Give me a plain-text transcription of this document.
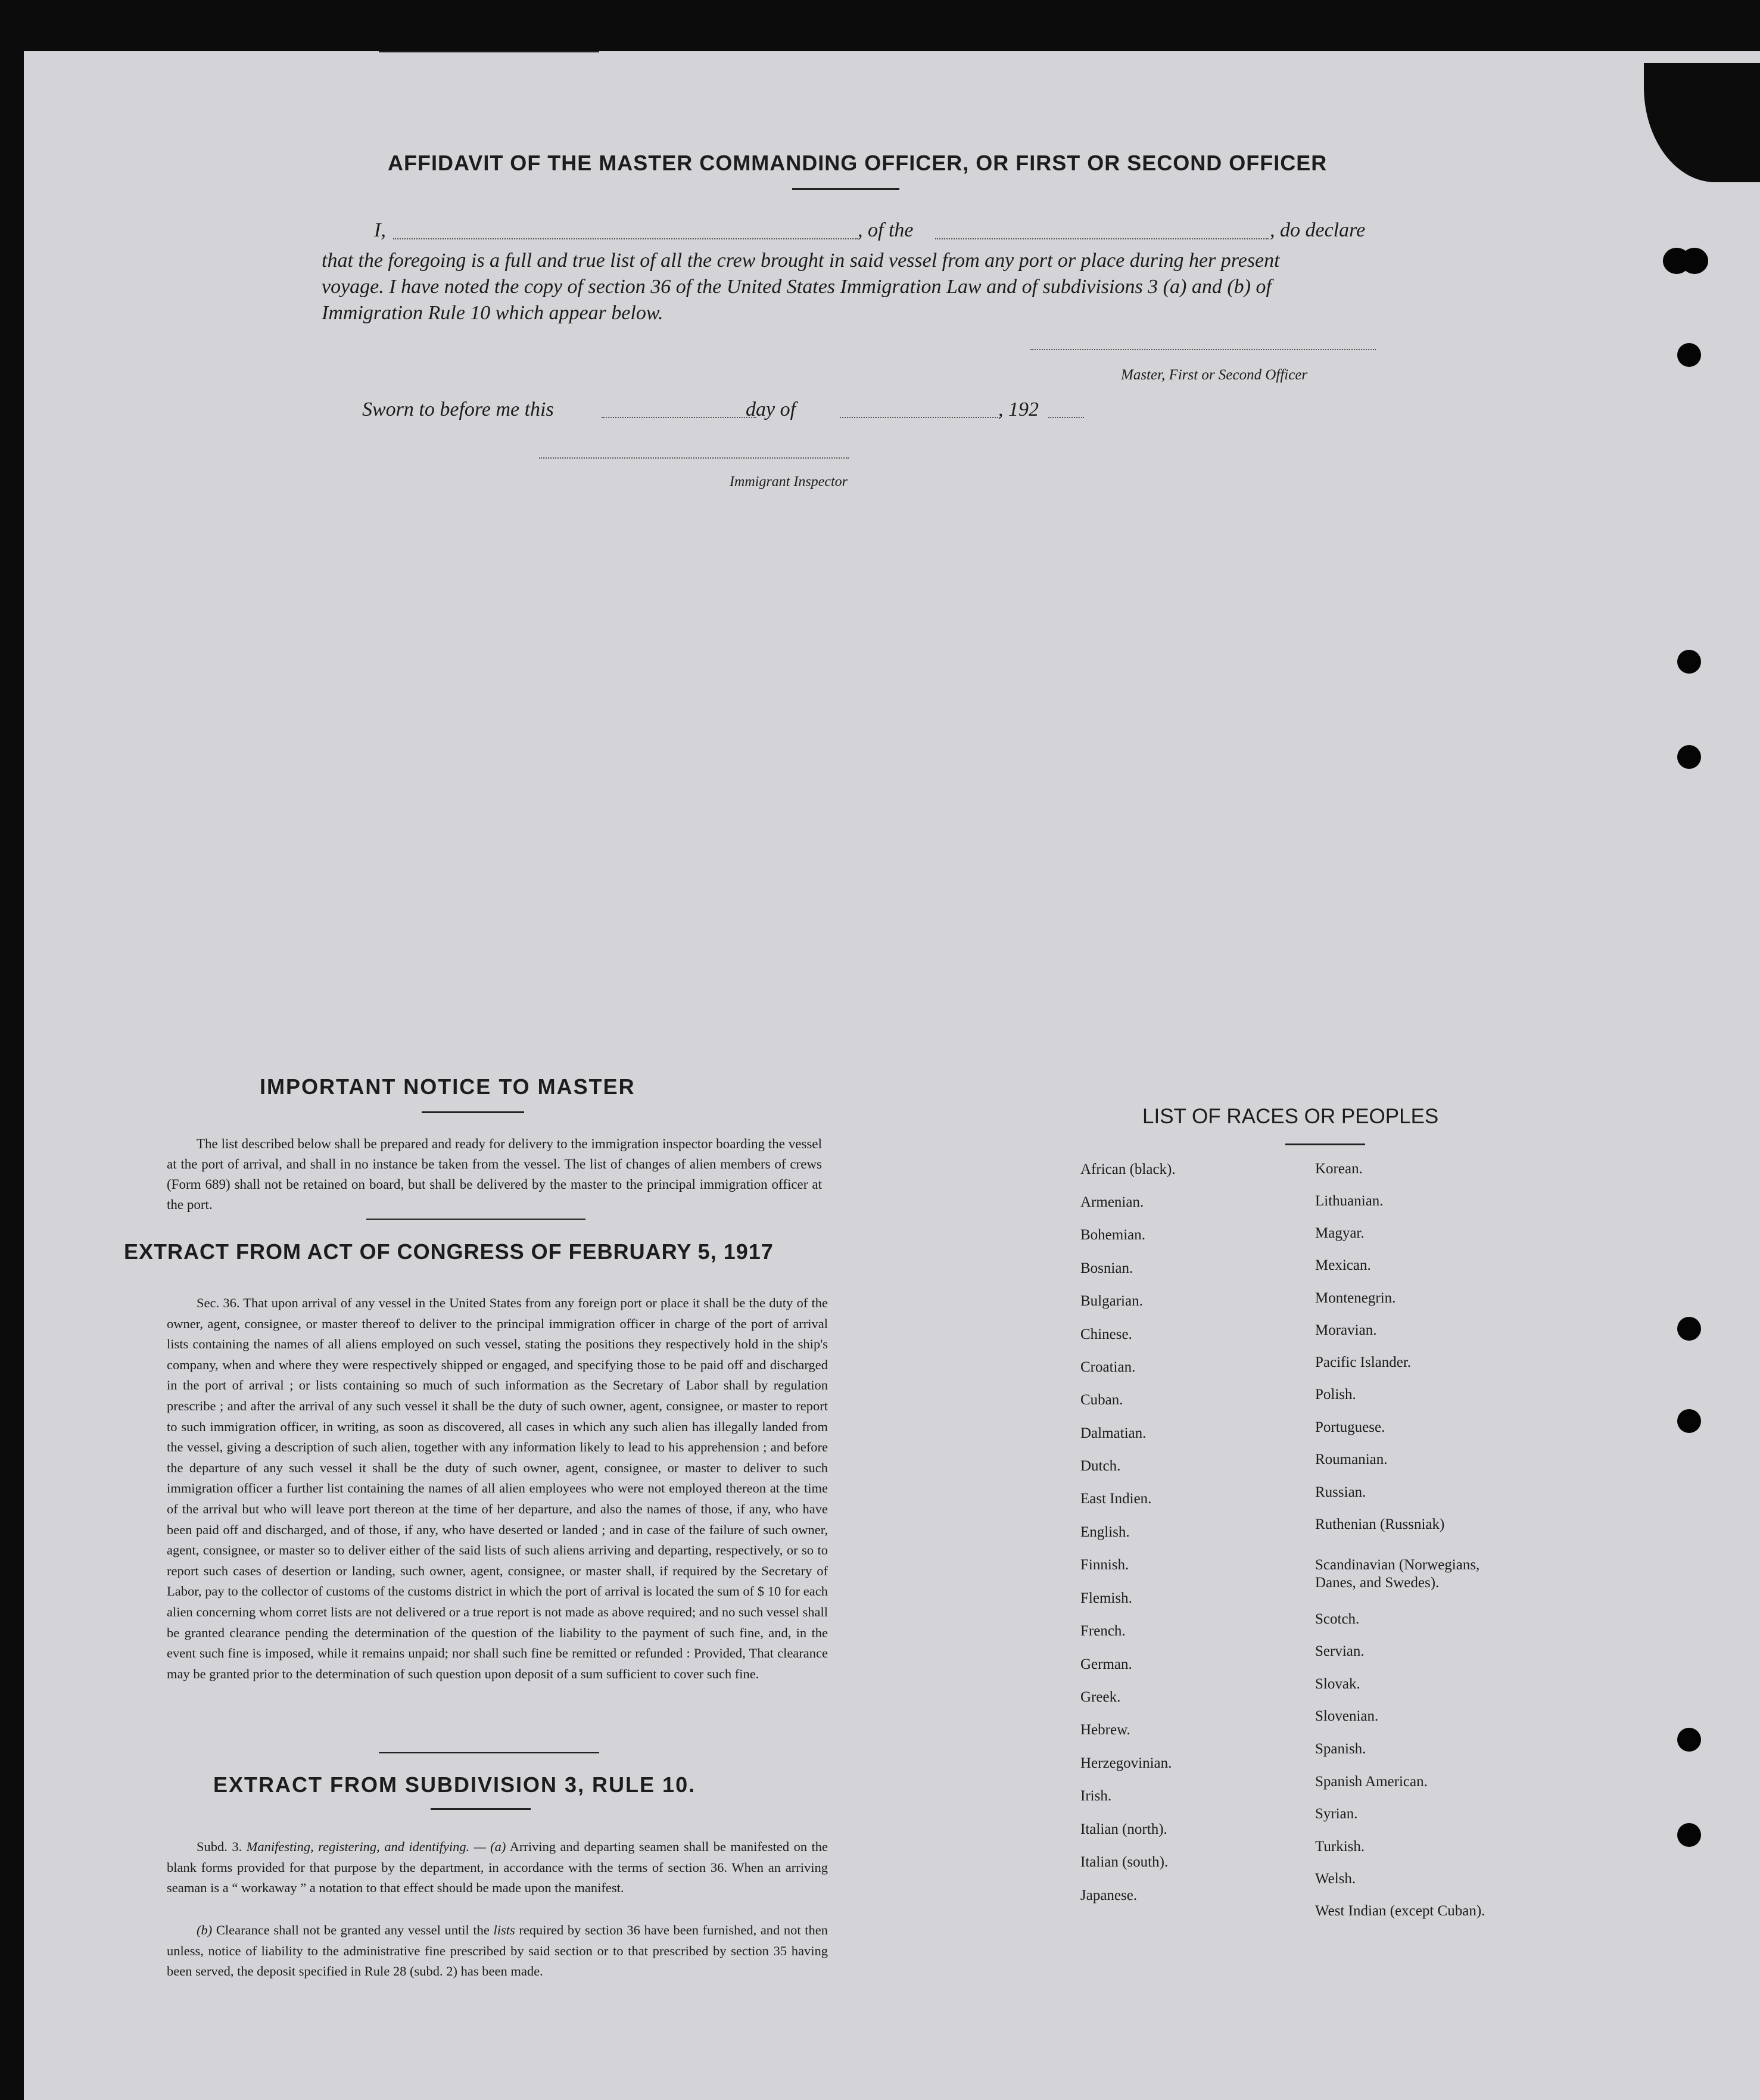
AFFIDAVIT OF THE MASTER COMMANDING OFFICER, OR FIRST OR SECOND OFFICER
I,	, of the	, do declare
that the foregoing is a full and true list of all the crew brought in said vessel from any port or place during her present
voyage. I have noted the copy of section 36 of the United States Immigration Law and of subdivisions 3 (a) and (b) of
Immigration Rule 10 which appear below.
Master, First or Second Officer
Sworn to before me this	day of	, 192
Immigrant Inspector
IMPORTANT NOTICE TO MASTER
The list described below shall be prepared and ready for delivery to the immigration inspector boarding the vessel at the port of arrival, and shall in no instance be taken from the vessel. The list of changes of alien members of crews (Form 689) shall not be retained on board, but shall be delivered by the master to the principal immigration officer at the port.
EXTRACT FROM ACT OF CONGRESS OF FEBRUARY 5, 1917
Sec. 36. That upon arrival of any vessel in the United States from any foreign port or place it shall be the duty of the owner, agent, consignee, or master thereof to deliver to the principal immigration officer in charge of the port of arrival lists containing the names of all aliens employed on such vessel, stating the positions they respectively hold in the ship's company, when and where they were respectively shipped or engaged, and specifying those to be paid off and discharged in the port of arrival ; or lists containing so much of such information as the Secretary of Labor shall by regulation prescribe ; and after the arrival of any such vessel it shall be the duty of such owner, agent, consignee, or master to report to such immigration officer, in writing, as soon as discovered, all cases in which any such alien has illegally landed from the vessel, giving a description of such alien, together with any information likely to lead to his apprehension ; and before the departure of any such vessel it shall be the duty of such owner, agent, consignee, or master to deliver to such immigration officer a further list containing the names of all alien employees who were not employed thereon at the time of the arrival but who will leave port thereon at the time of her departure, and also the names of those, if any, who have been paid off and discharged, and of those, if any, who have deserted or landed ; and in case of the failure of such owner, agent, consignee, or master so to deliver either of the said lists of such aliens arriving and departing, respectively, or so to report such cases of desertion or landing, such owner, agent, consignee, or master shall, if required by the Secretary of Labor, pay to the collector of customs of the customs district in which the port of arrival is located the sum of $ 10 for each alien concerning whom corret lists are not delivered or a true report is not made as above required; and no such vessel shall be granted clearance pending the determination of the question of the liability to the payment of such fine, and, in the event such fine is imposed, while it remains unpaid; nor shall such fine be remitted or refunded : Provided, That clearance may be granted prior to the determination of such question upon deposit of a sum sufficient to cover such fine.
EXTRACT FROM SUBDIVISION 3, RULE 10.
Subd. 3. Manifesting, registering, and identifying. — (a) Arriving and departing seamen shall be manifested on the blank forms provided for that purpose by the department, in accordance with the terms of section 36. When an arriving seaman is a “ workaway ” a notation to that effect should be made upon the manifest.
(b) Clearance shall not be granted any vessel until the lists required by section 36 have been furnished, and not then unless, notice of liability to the administrative fine prescribed by said section or to that prescribed by section 35 having been served, the deposit specified in Rule 28 (subd. 2) has been made.
LIST OF RACES OR PEOPLES
African (black).
Armenian.
Bohemian.
Bosnian.
Bulgarian.
Chinese.
Croatian.
Cuban.
Dalmatian.
Dutch.
East Indien.
English.
Finnish.
Flemish.
French.
German.
Greek.
Hebrew.
Herzegovinian.
Irish.
Italian (north).
Italian (south).
Japanese.
Korean.
Lithuanian.
Magyar.
Mexican.
Montenegrin.
Moravian.
Pacific Islander.
Polish.
Portuguese.
Roumanian.
Russian.
Ruthenian (Russniak)
Scandinavian (Norwegians, Danes, and Swedes).
Scotch.
Servian.
Slovak.
Slovenian.
Spanish.
Spanish American.
Syrian.
Turkish.
Welsh.
West Indian (except Cuban).
